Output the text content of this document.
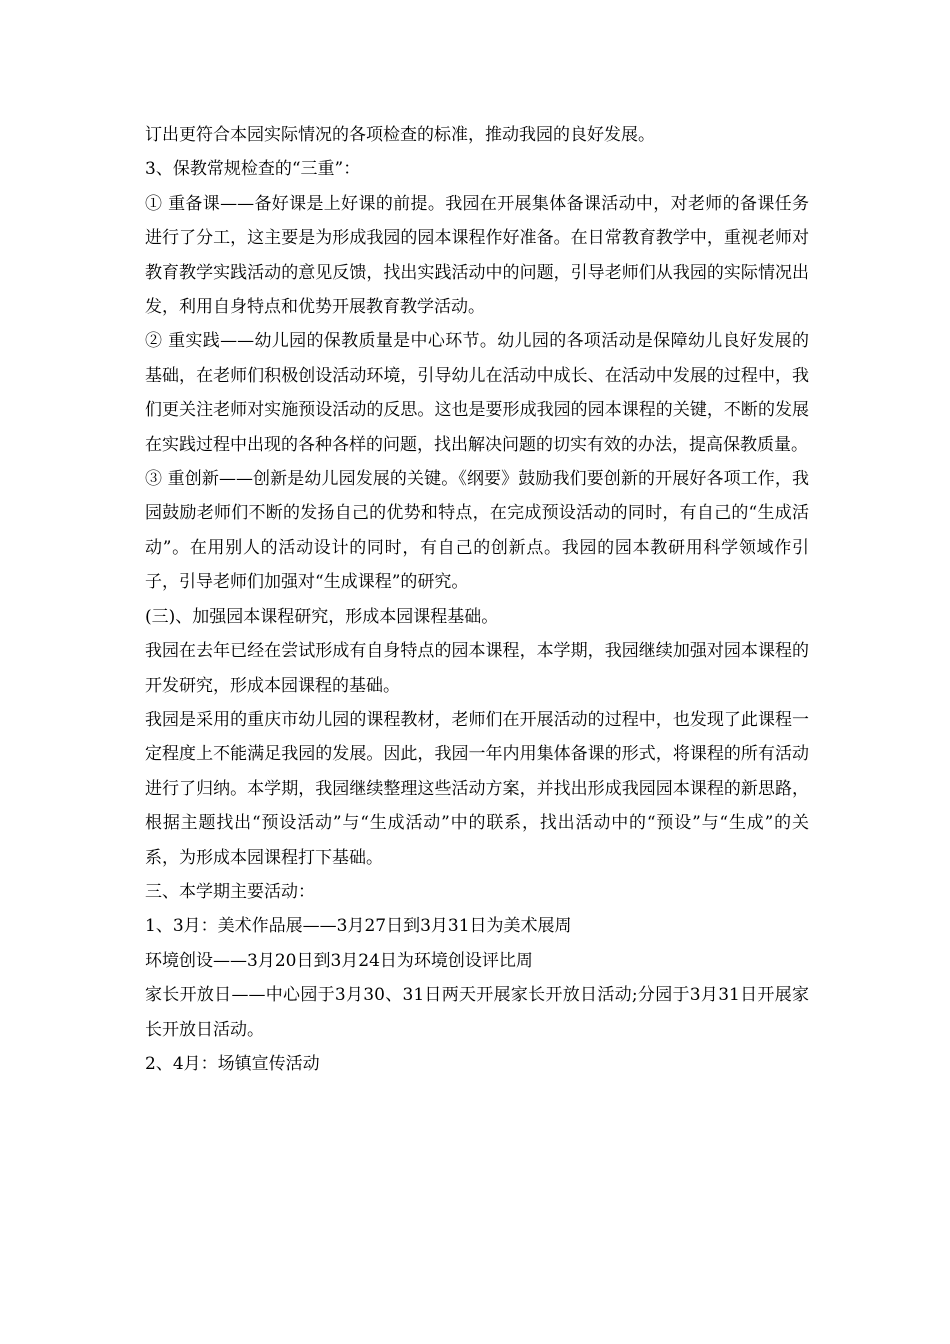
订出更符合本园实际情况的各项检查的标准，推动我园的良好发展。

3、保教常规检查的“三重”：

① 重备课——备好课是上好课的前提。我园在开展集体备课活动中，对老师的备课任务进行了分工，这主要是为形成我园的园本课程作好准备。在日常教育教学中，重视老师对教育教学实践活动的意见反馈，找出实践活动中的问题，引导老师们从我园的实际情况出发，利用自身特点和优势开展教育教学活动。

② 重实践——幼儿园的保教质量是中心环节。幼儿园的各项活动是保障幼儿良好发展的基础，在老师们积极创设活动环境，引导幼儿在活动中成长、在活动中发展的过程中，我们更关注老师对实施预设活动的反思。这也是要形成我园的园本课程的关键，不断的发展在实践过程中出现的各种各样的问题，找出解决问题的切实有效的办法，提高保教质量。

③ 重创新——创新是幼儿园发展的关键。《纲要》鼓励我们要创新的开展好各项工作，我园鼓励老师们不断的发扬自己的优势和特点，在完成预设活动的同时，有自己的“生成活动”。在用别人的活动设计的同时，有自己的创新点。我园的园本教研用科学领域作引子，引导老师们加强对“生成课程”的研究。

(三)、加强园本课程研究，形成本园课程基础。

我园在去年已经在尝试形成有自身特点的园本课程，本学期，我园继续加强对园本课程的开发研究，形成本园课程的基础。

我园是采用的重庆市幼儿园的课程教材，老师们在开展活动的过程中，也发现了此课程一定程度上不能满足我园的发展。因此，我园一年内用集体备课的形式，将课程的所有活动进行了归纳。本学期，我园继续整理这些活动方案，并找出形成我园园本课程的新思路，根据主题找出“预设活动”与“生成活动”中的联系，找出活动中的“预设”与“生成”的关系，为形成本园课程打下基础。

三、本学期主要活动：

1、3月：美术作品展——3月27日到3月31日为美术展周

环境创设——3月20日到3月24日为环境创设评比周

家长开放日——中心园于3月30、31日两天开展家长开放日活动;分园于3月31日开展家长开放日活动。

2、4月：场镇宣传活动
